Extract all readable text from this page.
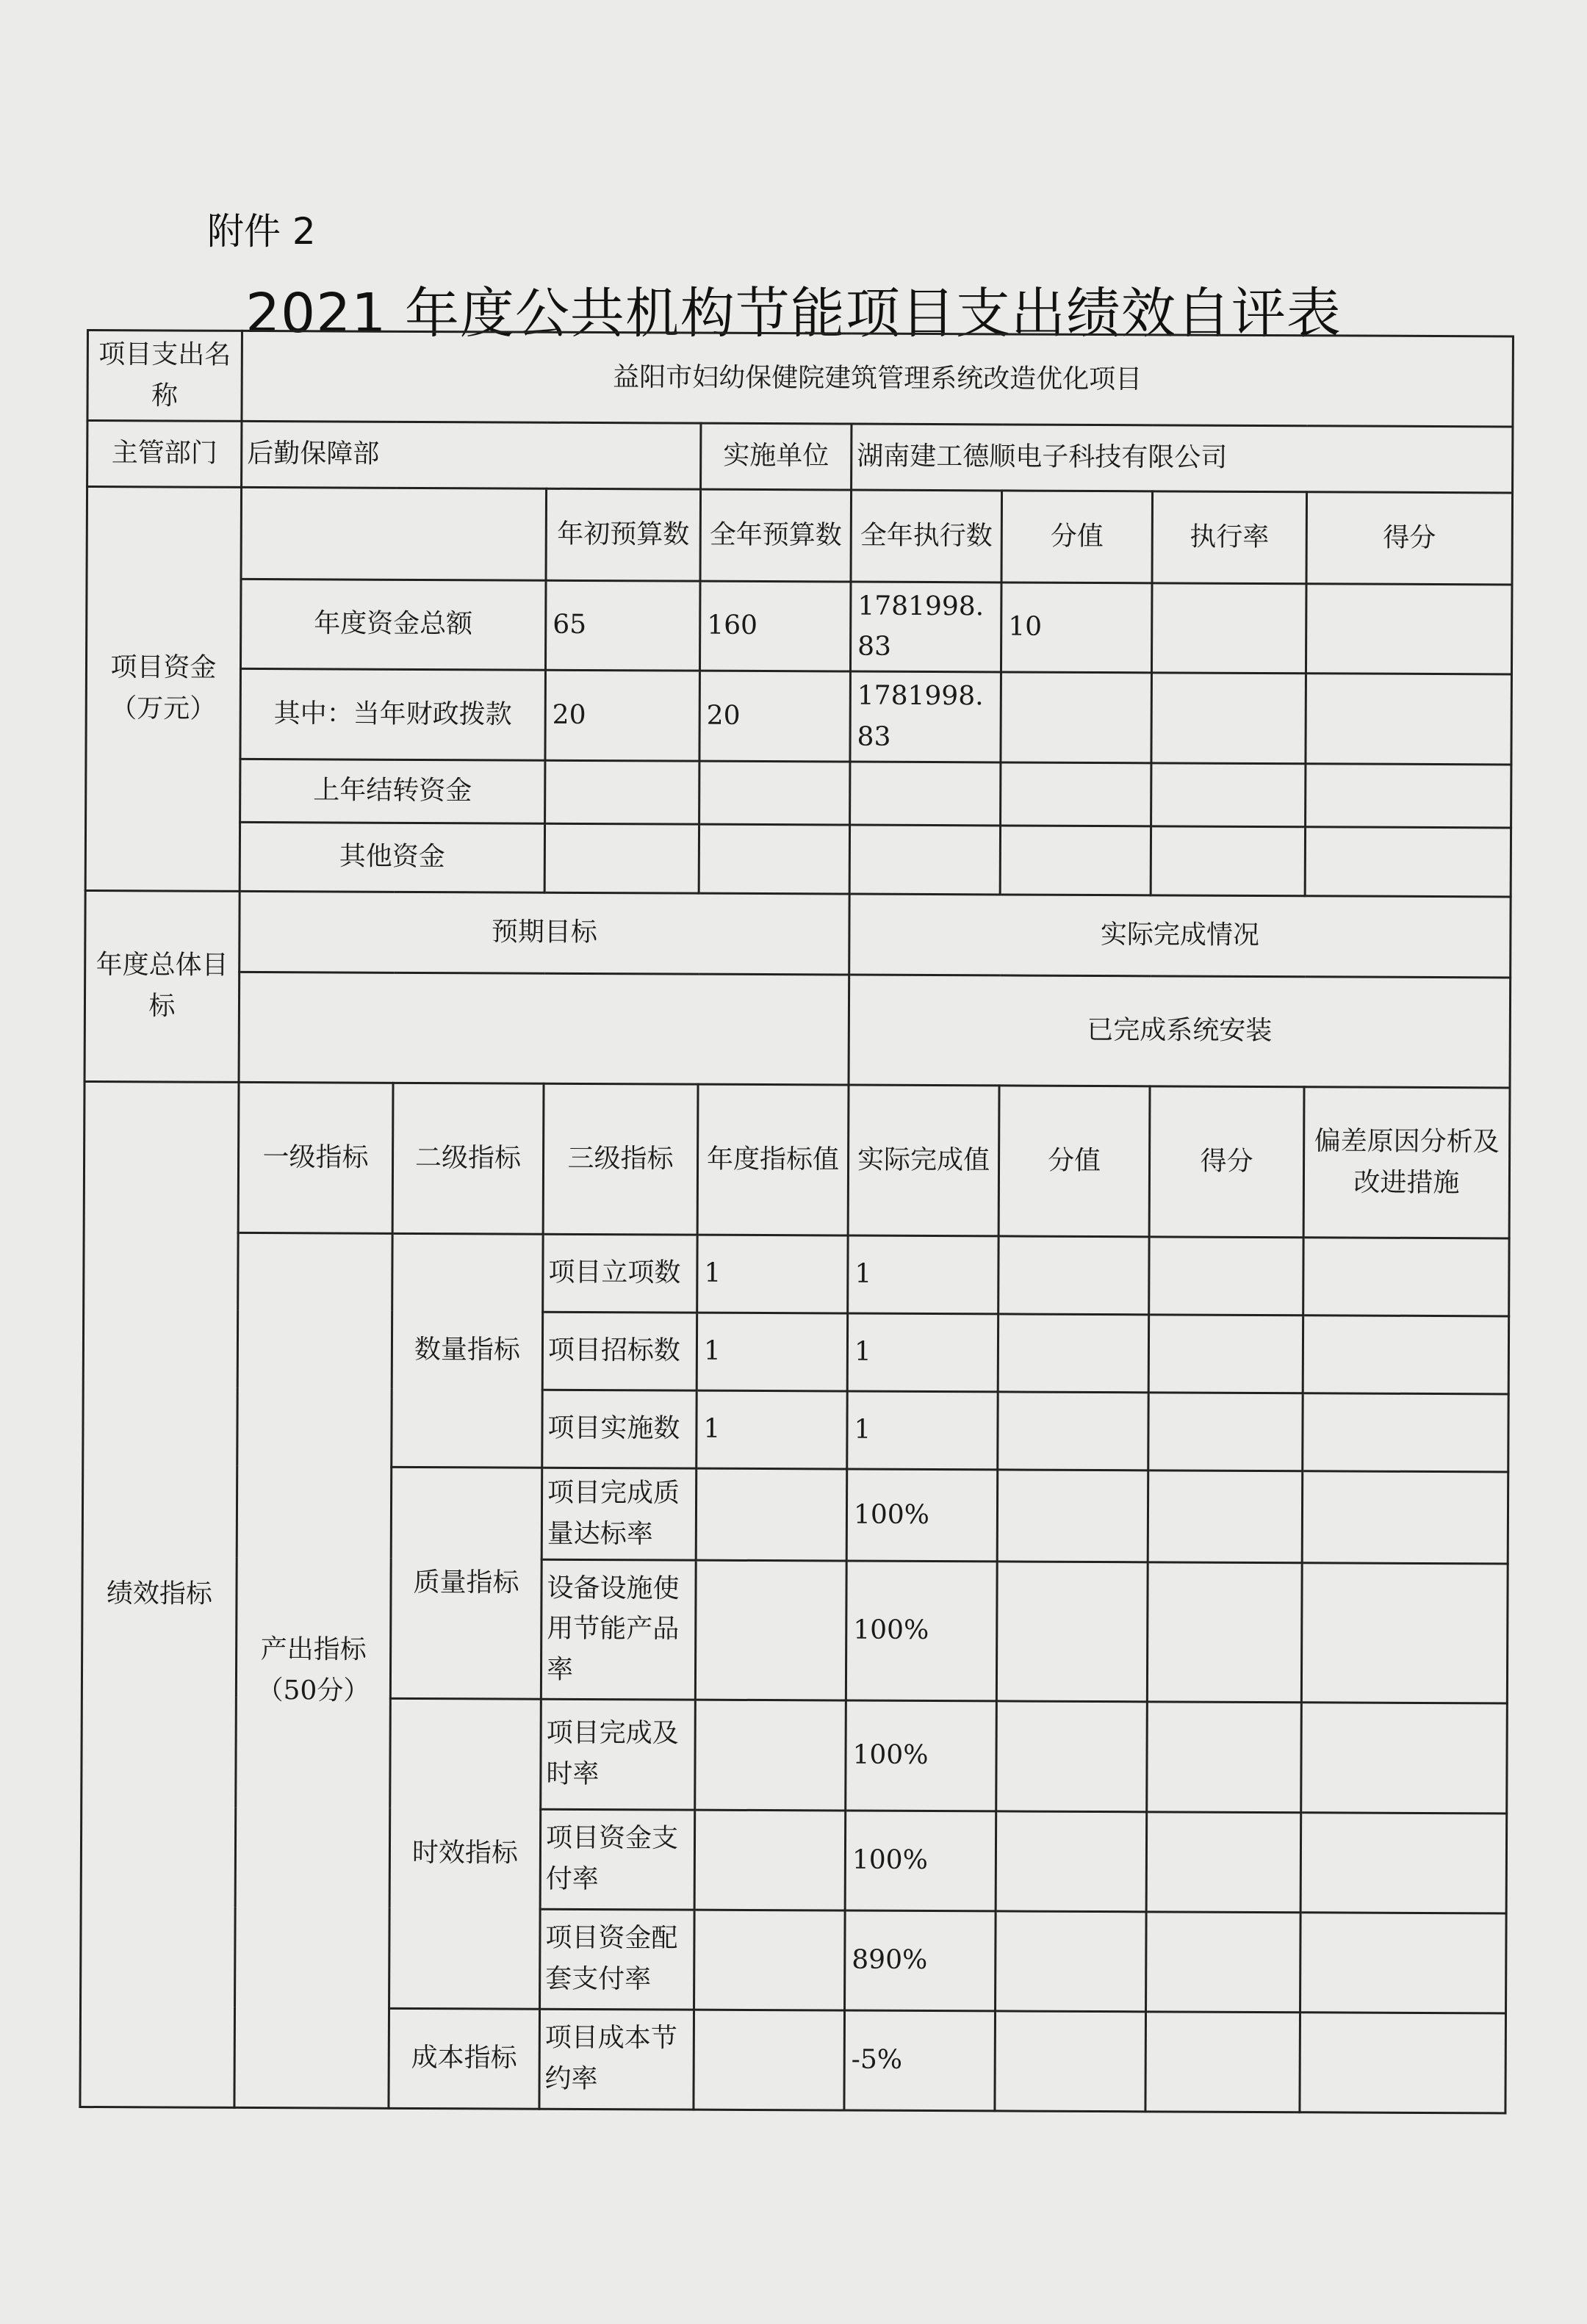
附件 2
2021 年度公共机构节能项目支出绩效自评表
项目支出名称	益阳市妇幼保健院建筑管理系统改造优化项目							
主管部门	后勤保障部			实施单位	湖南建工德顺电子科技有限公司			
项目资金（万元）			年初预算数	全年预算数	全年执行数	分值	执行率	得分
	年度资金总额		65	160	1781998.83	10		
	其中：当年财政拨款		20	20	1781998.83			
	上年结转资金							
	其他资金							
年度总体目标	预期目标				实际完成情况			
					已完成系统安装			
绩效指标	一级指标	二级指标	三级指标	年度指标值	实际完成值	分值	得分	偏差原因分析及改进措施
	产出指标（50分）	数量指标	项目立项数	1	1			
			项目招标数	1	1			
			项目实施数	1	1			
		质量指标	项目完成质量达标率		100%			
			设备设施使用节能产品率		100%			
		时效指标	项目完成及时率		100%			
			项目资金支付率		100%			
			项目资金配套支付率		890%			
		成本指标	项目成本节约率		-5%			
